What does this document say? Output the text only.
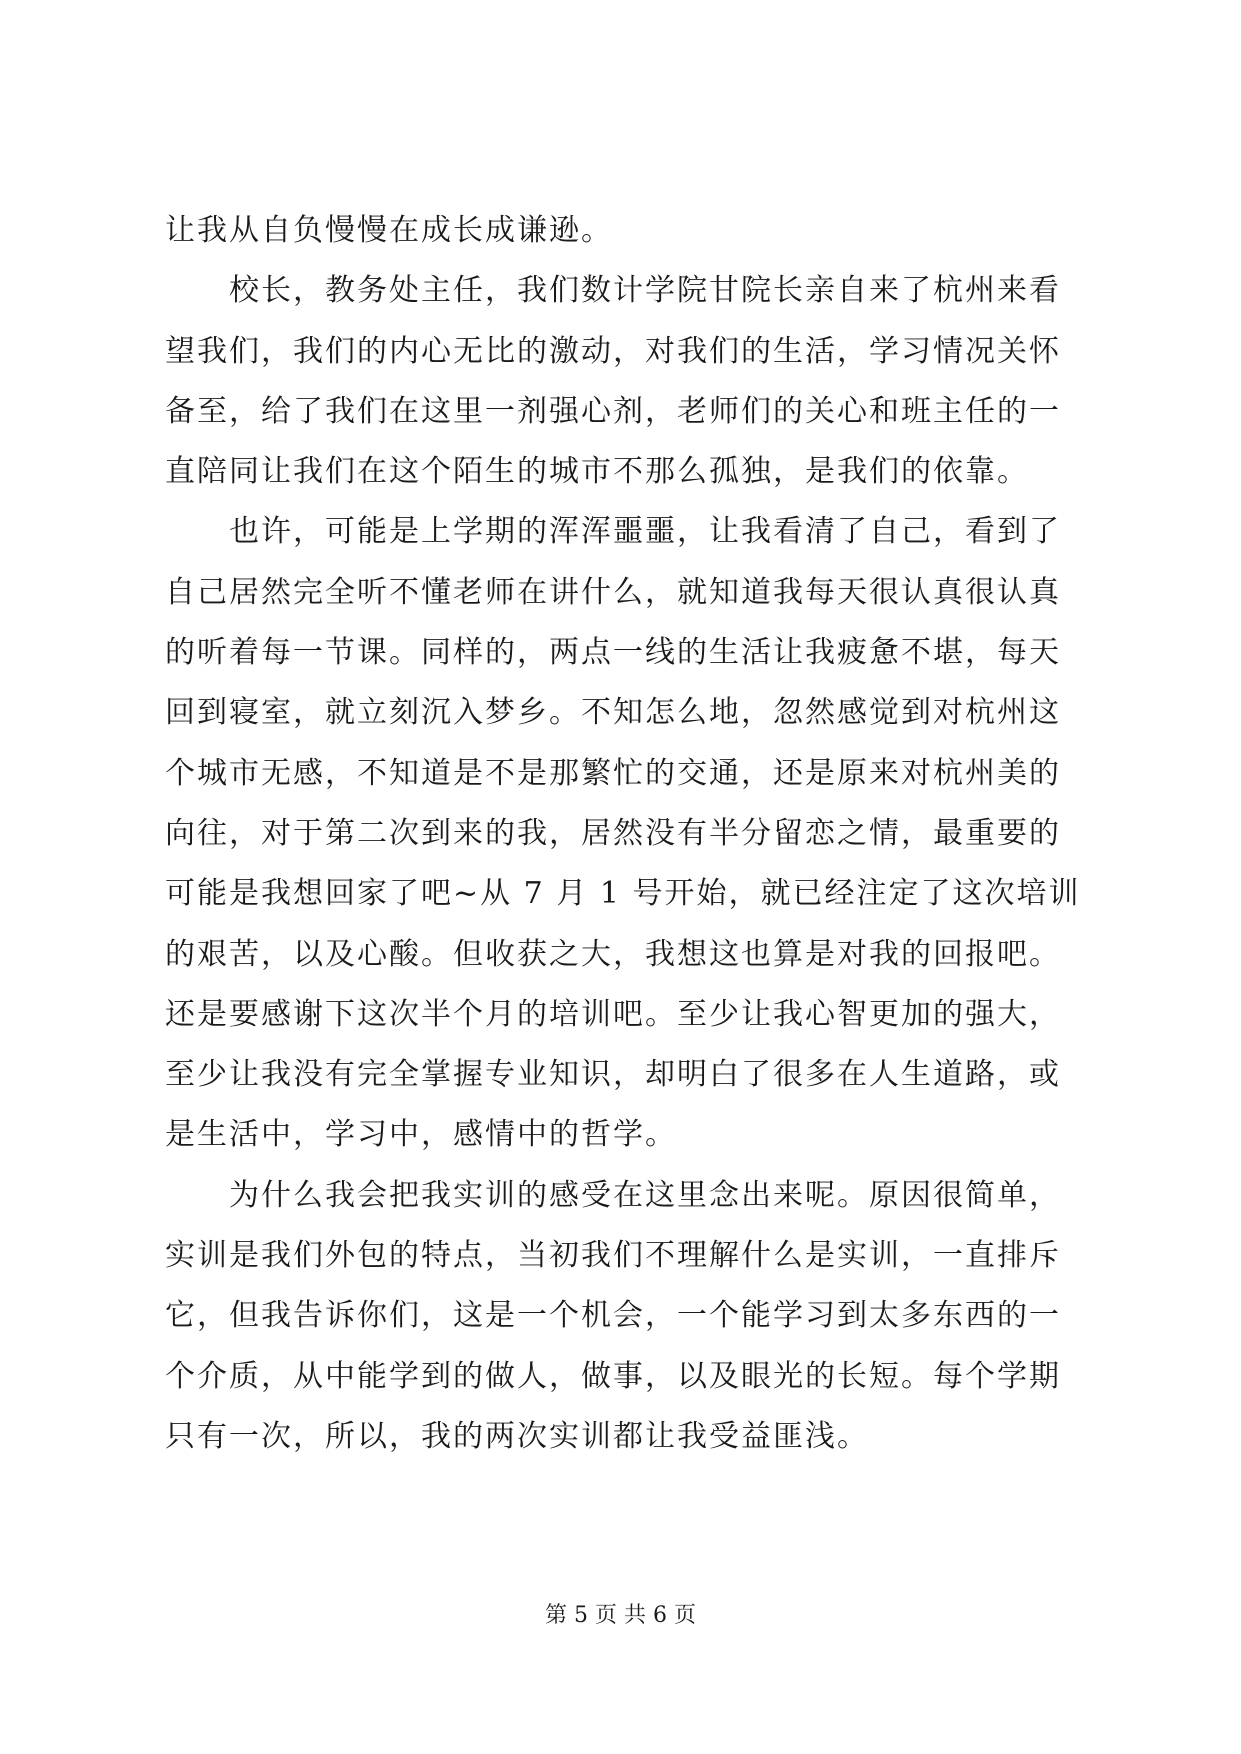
让我从自负慢慢在成长成谦逊。
校长，教务处主任，我们数计学院甘院长亲自来了杭州来看
望我们，我们的内心无比的激动，对我们的生活，学习情况关怀
备至，给了我们在这里一剂强心剂，老师们的关心和班主任的一
直陪同让我们在这个陌生的城市不那么孤独，是我们的依靠。
也许，可能是上学期的浑浑噩噩，让我看清了自己，看到了
自己居然完全听不懂老师在讲什么，就知道我每天很认真很认真
的听着每一节课。同样的，两点一线的生活让我疲惫不堪，每天
回到寝室，就立刻沉入梦乡。不知怎么地，忽然感觉到对杭州这
个城市无感，不知道是不是那繁忙的交通，还是原来对杭州美的
向往，对于第二次到来的我，居然没有半分留恋之情，最重要的
可能是我想回家了吧~从 7 月 1 号开始，就已经注定了这次培训
的艰苦，以及心酸。但收获之大，我想这也算是对我的回报吧。
还是要感谢下这次半个月的培训吧。至少让我心智更加的强大，
至少让我没有完全掌握专业知识，却明白了很多在人生道路，或
是生活中，学习中，感情中的哲学。
为什么我会把我实训的感受在这里念出来呢。原因很简单，
实训是我们外包的特点，当初我们不理解什么是实训，一直排斥
它，但我告诉你们，这是一个机会，一个能学习到太多东西的一
个介质，从中能学到的做人，做事，以及眼光的长短。每个学期
只有一次，所以，我的两次实训都让我受益匪浅。
第 5 页 共 6 页
